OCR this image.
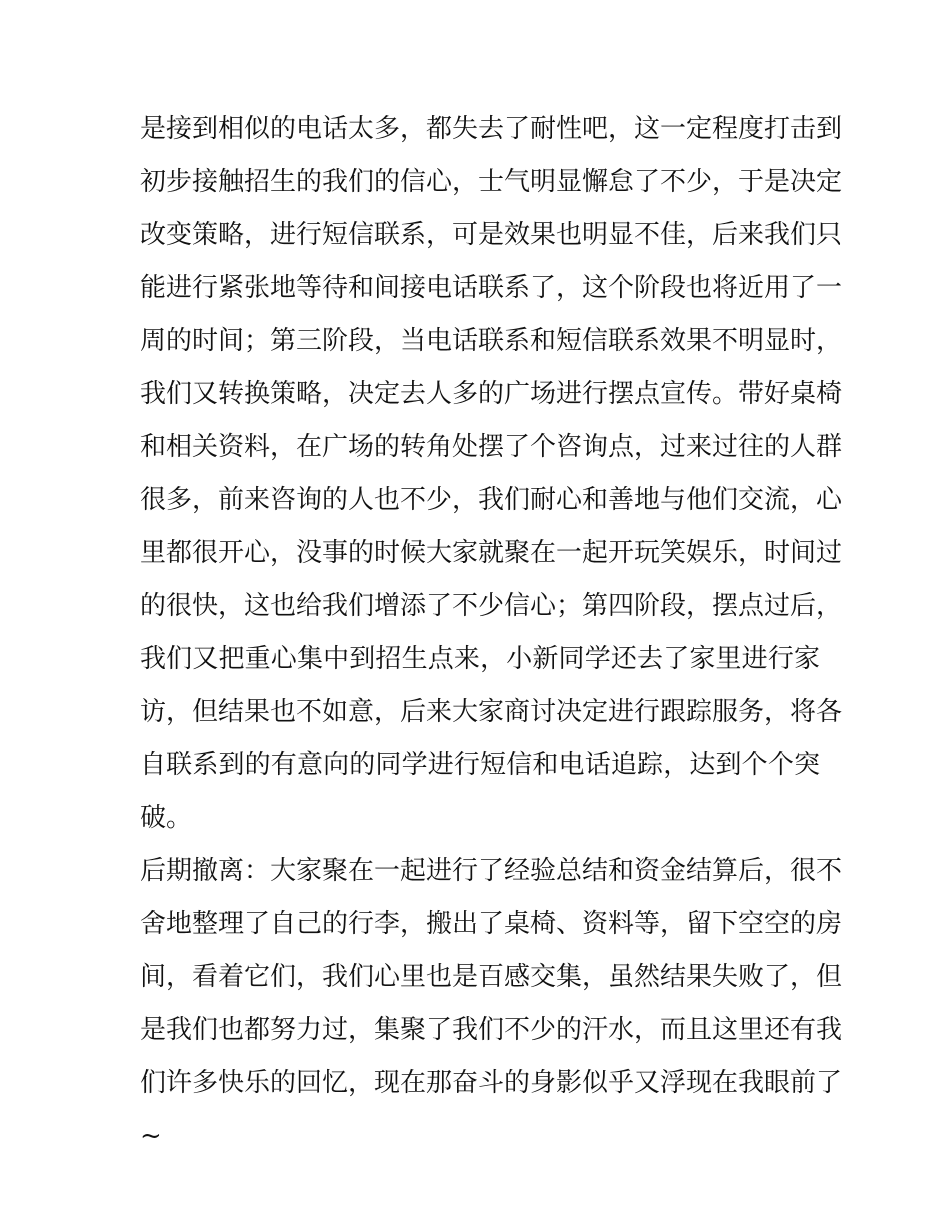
是接到相似的电话太多，都失去了耐性吧，这一定程度打击到
初步接触招生的我们的信心，士气明显懈怠了不少，于是决定
改变策略，进行短信联系，可是效果也明显不佳，后来我们只
能进行紧张地等待和间接电话联系了，这个阶段也将近用了一
周的时间；第三阶段，当电话联系和短信联系效果不明显时，
我们又转换策略，决定去人多的广场进行摆点宣传。带好桌椅
和相关资料，在广场的转角处摆了个咨询点，过来过往的人群
很多，前来咨询的人也不少，我们耐心和善地与他们交流，心
里都很开心，没事的时候大家就聚在一起开玩笑娱乐，时间过
的很快，这也给我们增添了不少信心；第四阶段，摆点过后，
我们又把重心集中到招生点来，小新同学还去了家里进行家
访，但结果也不如意，后来大家商讨决定进行跟踪服务，将各
自联系到的有意向的同学进行短信和电话追踪，达到个个突
破。
后期撤离：大家聚在一起进行了经验总结和资金结算后，很不
舍地整理了自己的行李，搬出了桌椅、资料等，留下空空的房
间，看着它们，我们心里也是百感交集，虽然结果失败了，但
是我们也都努力过，集聚了我们不少的汗水，而且这里还有我
们许多快乐的回忆，现在那奋斗的身影似乎又浮现在我眼前了
~
